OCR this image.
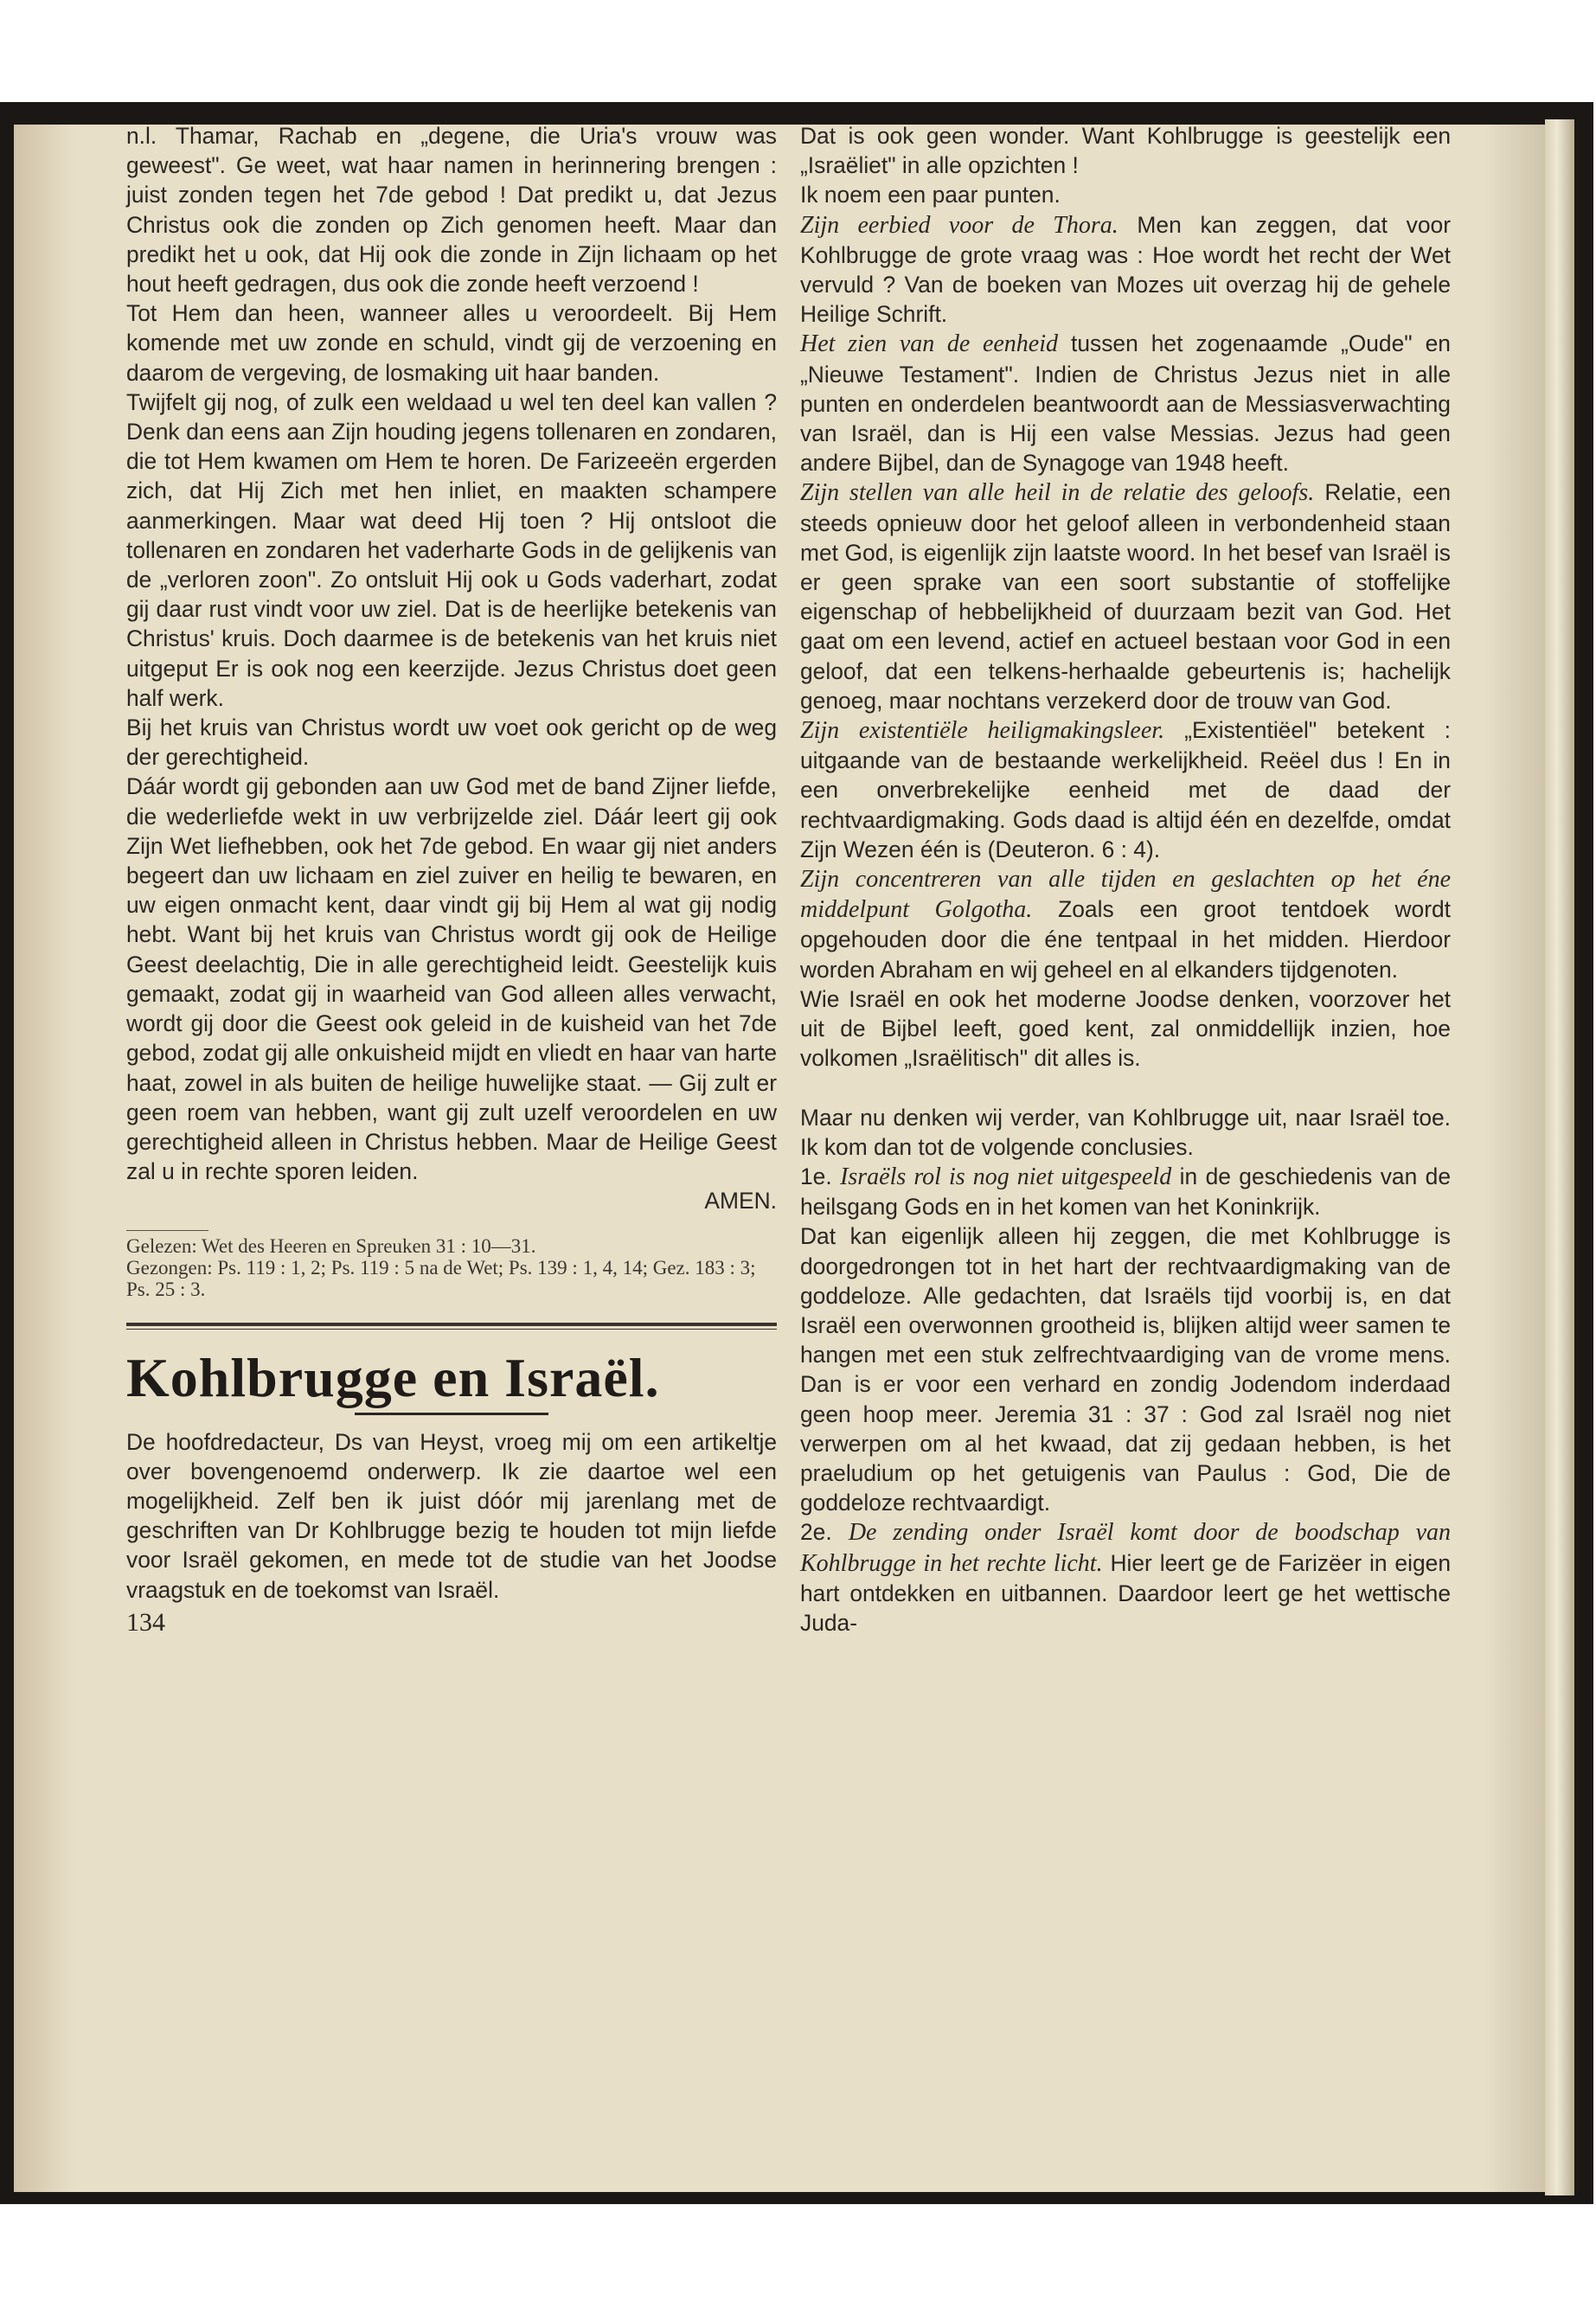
n.l. Thamar, Rachab en „degene, die Uria's vrouw was geweest". Ge weet, wat haar namen in herinnering brengen : juist zonden tegen het 7de gebod ! Dat predikt u, dat Jezus Christus ook die zonden op Zich genomen heeft. Maar dan predikt het u ook, dat Hij ook die zonde in Zijn lichaam op het hout heeft gedragen, dus ook die zonde heeft verzoend !

Tot Hem dan heen, wanneer alles u veroordeelt. Bij Hem komende met uw zonde en schuld, vindt gij de verzoening en daarom de vergeving, de losmaking uit haar banden.

Twijfelt gij nog, of zulk een weldaad u wel ten deel kan vallen ? Denk dan eens aan Zijn houding jegens tollenaren en zondaren, die tot Hem kwamen om Hem te horen. De Farizeeën ergerden zich, dat Hij Zich met hen inliet, en maakten schampere aanmerkingen. Maar wat deed Hij toen ? Hij ontsloot die tollenaren en zondaren het vaderharte Gods in de gelijkenis van de „verloren zoon". Zo ontsluit Hij ook u Gods vaderhart, zodat gij daar rust vindt voor uw ziel. Dat is de heerlijke betekenis van Christus' kruis. Doch daarmee is de betekenis van het kruis niet uitgeput Er is ook nog een keerzijde. Jezus Christus doet geen half werk.

Bij het kruis van Christus wordt uw voet ook gericht op de weg der gerechtigheid.

Dáár wordt gij gebonden aan uw God met de band Zijner liefde, die wederliefde wekt in uw verbrijzelde ziel. Dáár leert gij ook Zijn Wet liefhebben, ook het 7de gebod. En waar gij niet anders begeert dan uw lichaam en ziel zuiver en heilig te bewaren, en uw eigen onmacht kent, daar vindt gij bij Hem al wat gij nodig hebt. Want bij het kruis van Christus wordt gij ook de Heilige Geest deelachtig, Die in alle gerechtigheid leidt. Geestelijk kuis gemaakt, zodat gij in waarheid van God alleen alles verwacht, wordt gij door die Geest ook geleid in de kuisheid van het 7de gebod, zodat gij alle onkuisheid mijdt en vliedt en haar van harte haat, zowel in als buiten de heilige huwelijke staat. — Gij zult er geen roem van hebben, want gij zult uzelf veroordelen en uw gerechtigheid alleen in Christus hebben. Maar de Heilige Geest zal u in rechte sporen leiden.

AMEN.
Gelezen: Wet des Heeren en Spreuken 31 : 10—31.
Gezongen: Ps. 119 : 1, 2; Ps. 119 : 5 na de Wet; Ps. 139 : 1, 4, 14; Gez. 183 : 3; Ps. 25 : 3.
Kohlbrugge en Israël.

De hoofdredacteur, Ds van Heyst, vroeg mij om een artikeltje over bovengenoemd onderwerp. Ik zie daartoe wel een mogelijkheid. Zelf ben ik juist dóór mij jarenlang met de geschriften van Dr Kohlbrugge bezig te houden tot mijn liefde voor Israël gekomen, en mede tot de studie van het Joodse vraagstuk en de toekomst van Israël.

134

Dat is ook geen wonder. Want Kohlbrugge is geestelijk een „Israëliet" in alle opzichten !

Ik noem een paar punten.

Zijn eerbied voor de Thora. Men kan zeggen, dat voor Kohlbrugge de grote vraag was : Hoe wordt het recht der Wet vervuld ? Van de boeken van Mozes uit overzag hij de gehele Heilige Schrift.

Het zien van de eenheid tussen het zogenaamde „Oude" en „Nieuwe Testament". Indien de Christus Jezus niet in alle punten en onderdelen beantwoordt aan de Messiasverwachting van Israël, dan is Hij een valse Messias. Jezus had geen andere Bijbel, dan de Synagoge van 1948 heeft.

Zijn stellen van alle heil in de relatie des geloofs. Relatie, een steeds opnieuw door het geloof alleen in verbondenheid staan met God, is eigenlijk zijn laatste woord. In het besef van Israël is er geen sprake van een soort substantie of stoffelijke eigenschap of hebbelijkheid of duurzaam bezit van God. Het gaat om een levend, actief en actueel bestaan voor God in een geloof, dat een telkens-herhaalde gebeurtenis is; hachelijk genoeg, maar nochtans verzekerd door de trouw van God.

Zijn existentiële heiligmakingsleer. „Existentiëel" betekent : uitgaande van de bestaande werkelijkheid. Reëel dus ! En in een onverbrekelijke eenheid met de daad der rechtvaardigmaking. Gods daad is altijd één en dezelfde, omdat Zijn Wezen één is (Deuteron. 6 : 4).

Zijn concentreren van alle tijden en geslachten op het éne middelpunt Golgotha. Zoals een groot tentdoek wordt opgehouden door die éne tentpaal in het midden. Hierdoor worden Abraham en wij geheel en al elkanders tijdgenoten.

Wie Israël en ook het moderne Joodse denken, voorzover het uit de Bijbel leeft, goed kent, zal onmiddellijk inzien, hoe volkomen „Israëlitisch" dit alles is.

Maar nu denken wij verder, van Kohlbrugge uit, naar Israël toe. Ik kom dan tot de volgende conclusies.

1e. Israëls rol is nog niet uitgespeeld in de geschiedenis van de heilsgang Gods en in het komen van het Koninkrijk.

Dat kan eigenlijk alleen hij zeggen, die met Kohlbrugge is doorgedrongen tot in het hart der rechtvaardigmaking van de goddeloze. Alle gedachten, dat Israëls tijd voorbij is, en dat Israël een overwonnen grootheid is, blijken altijd weer samen te hangen met een stuk zelfrechtvaardiging van de vrome mens. Dan is er voor een verhard en zondig Jodendom inderdaad geen hoop meer. Jeremia 31 : 37 : God zal Israël nog niet verwerpen om al het kwaad, dat zij gedaan hebben, is het praeludium op het getuigenis van Paulus : God, Die de goddeloze rechtvaardigt.

2e. De zending onder Israël komt door de boodschap van Kohlbrugge in het rechte licht. Hier leert ge de Farizëer in eigen hart ontdekken en uitbannen. Daardoor leert ge het wettische Juda-
